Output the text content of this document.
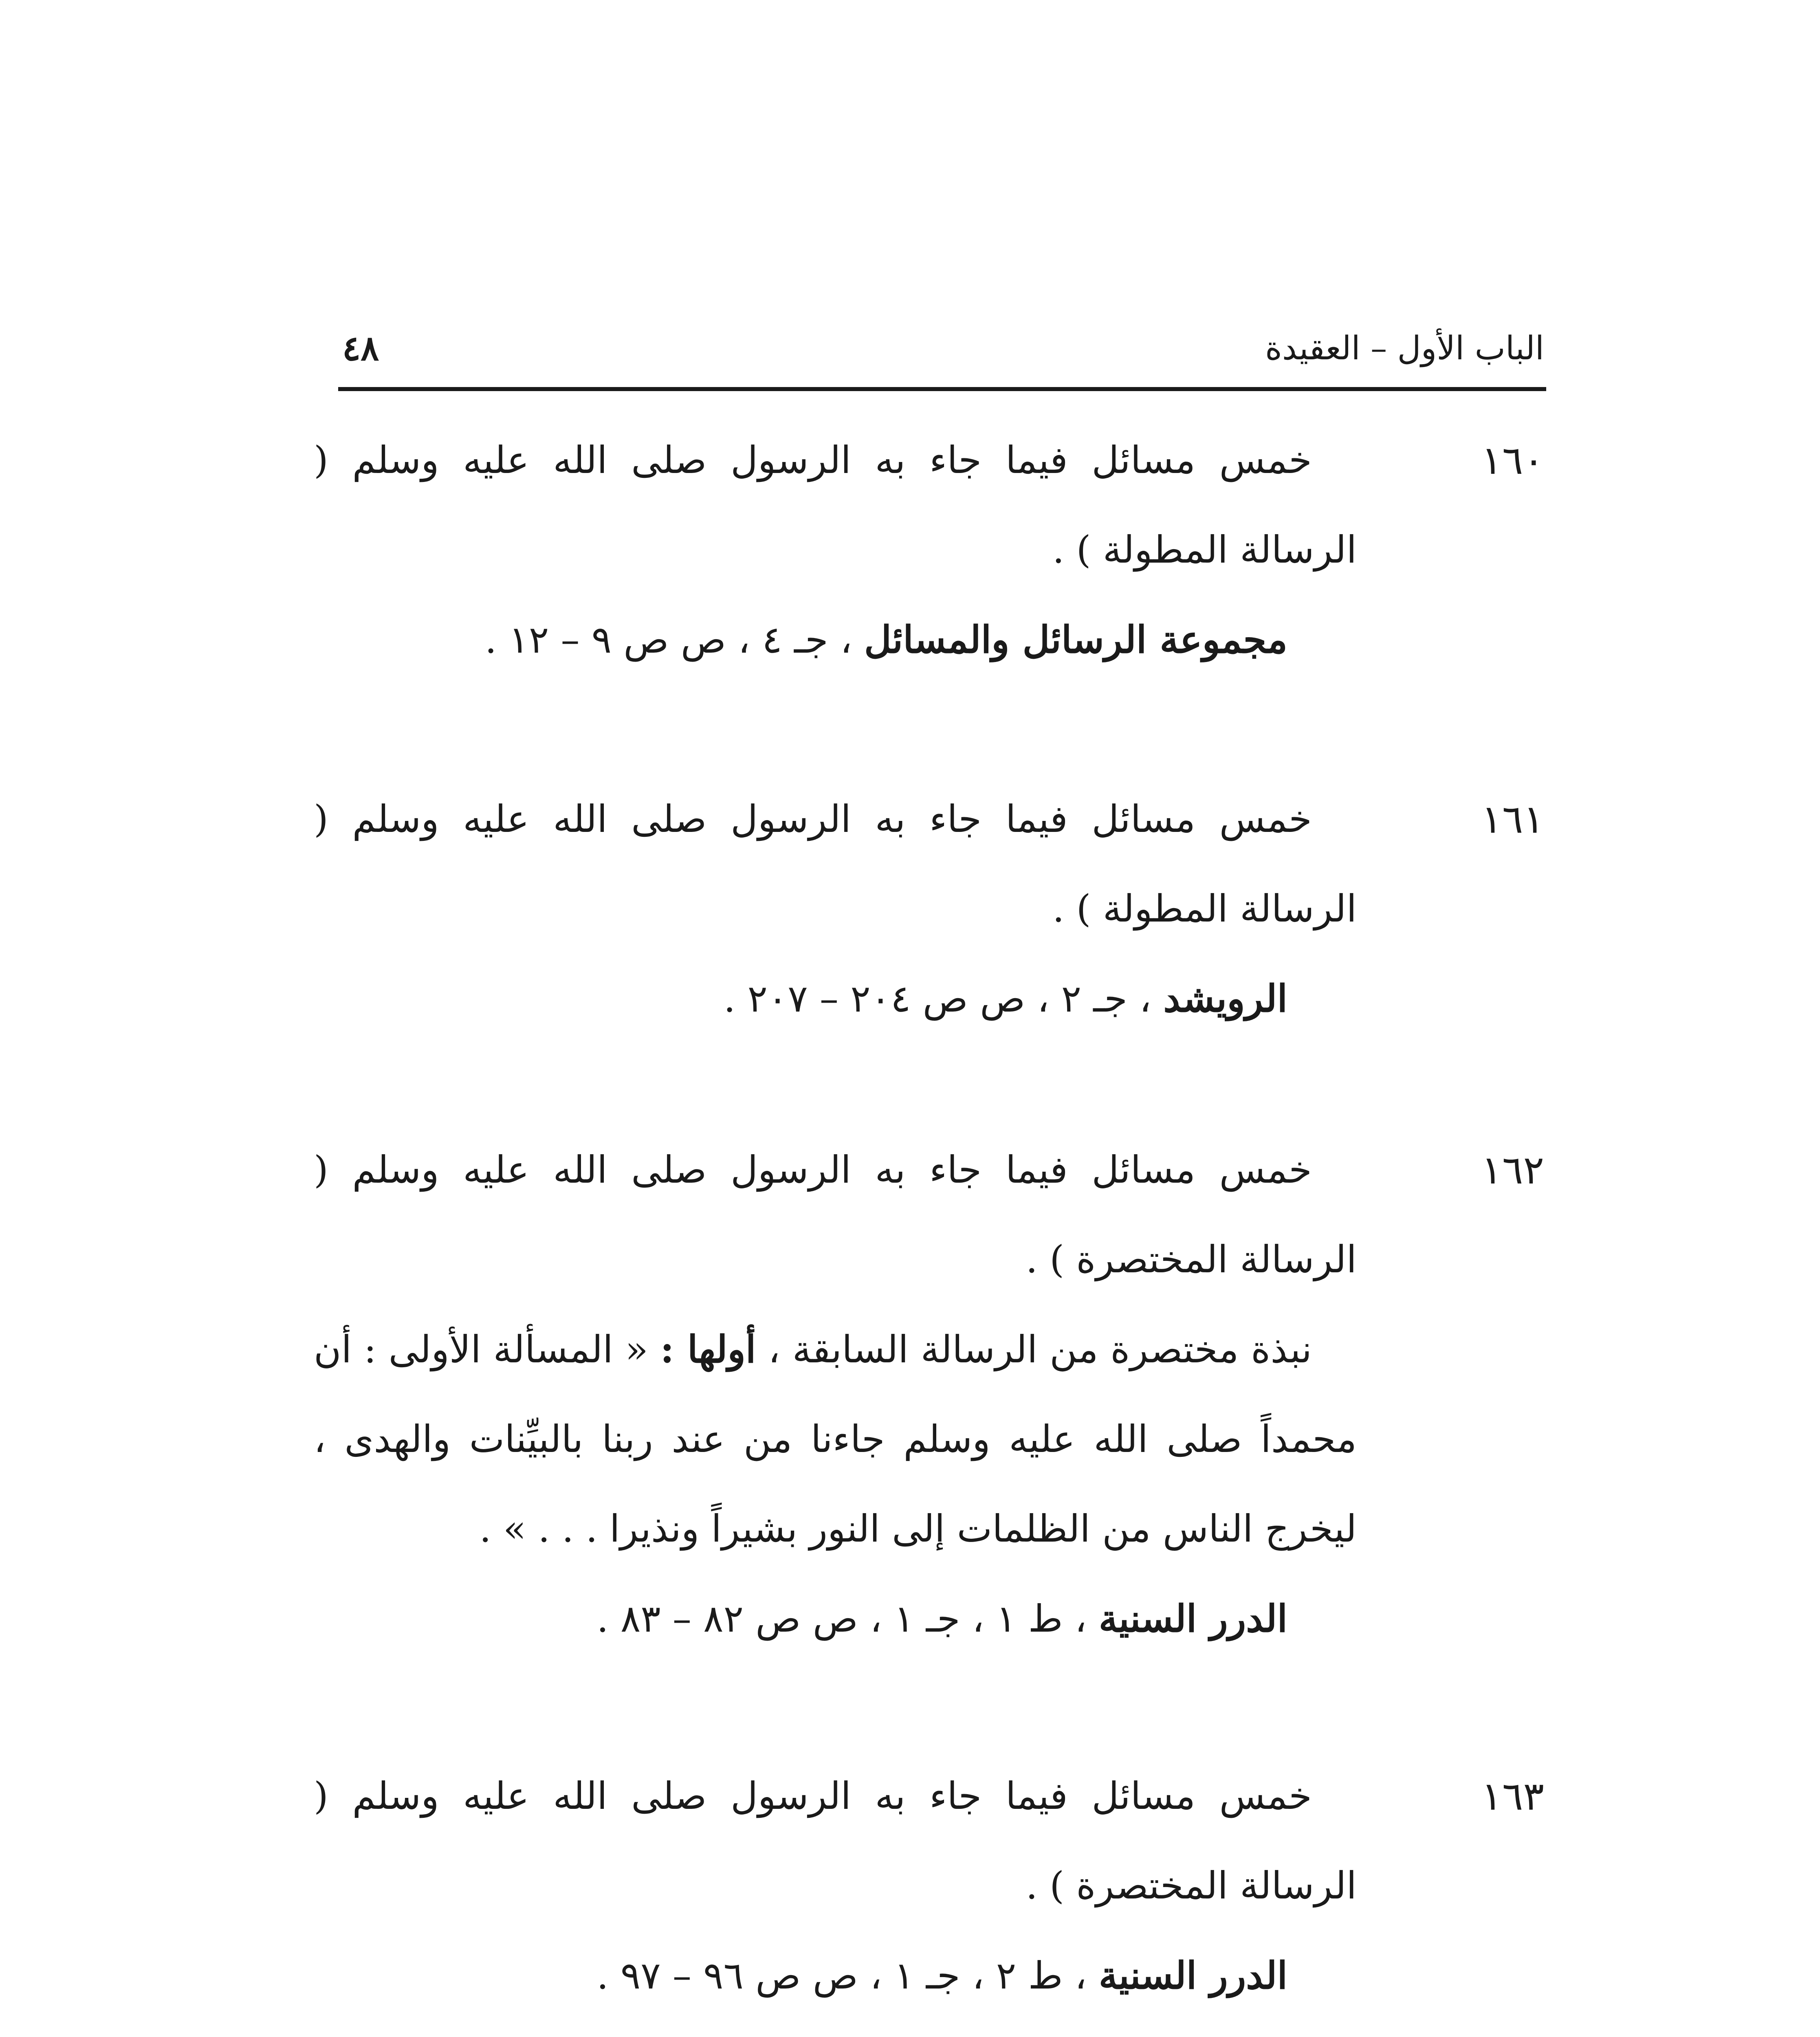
الباب الأول – العقيدة
٤٨
١٦٠

خمس مسائل فيما جاء به الرسول صلى الله عليه وسلم ( الرسالة المطولة ) .

مجموعة الرسائل والمسائل ، جـ ٤ ، ص ص ٩ – ١٢ .

١٦١

خمس مسائل فيما جاء به الرسول صلى الله عليه وسلم ( الرسالة المطولة ) .

الرويشد ، جـ ٢ ، ص ص ٢٠٤ – ٢٠٧ .

١٦٢

خمس مسائل فيما جاء به الرسول صلى الله عليه وسلم ( الرسالة المختصرة ) .

نبذة مختصرة من الرسالة السابقة ، أولها : « المسألة الأولى : أن محمداً صلى الله عليه وسلم جاءنا من عند ربنا بالبيِّنات والهدى ، ليخرج الناس من الظلمات إلى النور بشيراً ونذيرا . . . » .

الدرر السنية ، ط ١ ، جـ ١ ، ص ص ٨٢ – ٨٣ .

١٦٣

خمس مسائل فيما جاء به الرسول صلى الله عليه وسلم ( الرسالة المختصرة ) .

الدرر السنية ، ط ٢ ، جـ ١ ، ص ص ٩٦ – ٩٧ .
